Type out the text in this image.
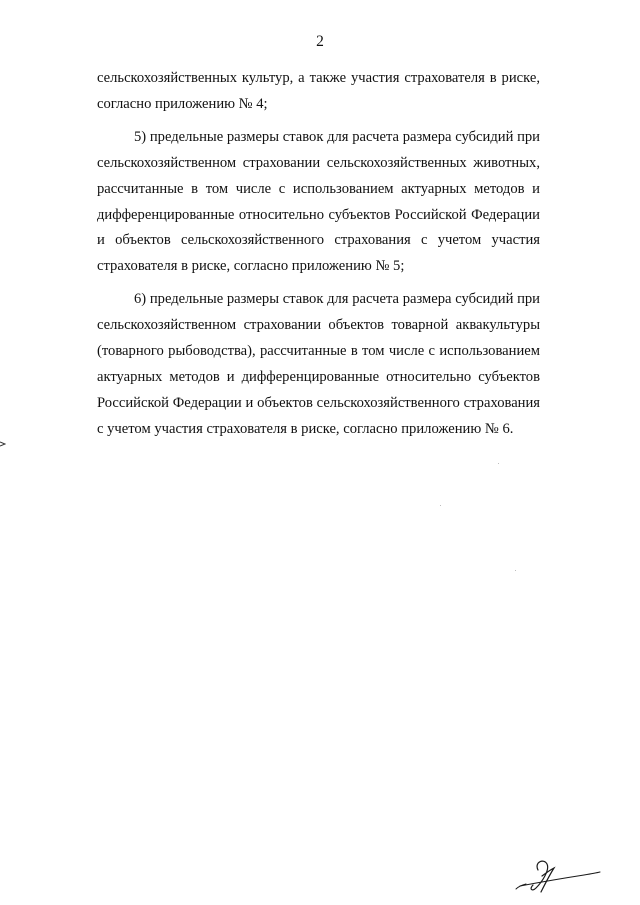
2

сельскохозяйственных культур, а также участия страхователя в риске, согласно приложению № 4;

5) предельные размеры ставок для расчета размера субсидий при сельскохозяйственном страховании сельскохозяйственных животных, рассчитанные в том числе с использованием актуарных методов и дифференцированные относительно субъектов Российской Федерации и объектов сельскохозяйственного страхования с учетом участия страхователя в риске, согласно приложению № 5;

6) предельные размеры ставок для расчета размера субсидий при сельскохозяйственном страховании объектов товарной аквакультуры (товарного рыбоводства), рассчитанные в том числе с использованием актуарных методов и дифференцированные относительно субъектов Российской Федерации и объектов сельскохозяйственного страхования с учетом участия страхователя в риске, согласно приложению № 6.
